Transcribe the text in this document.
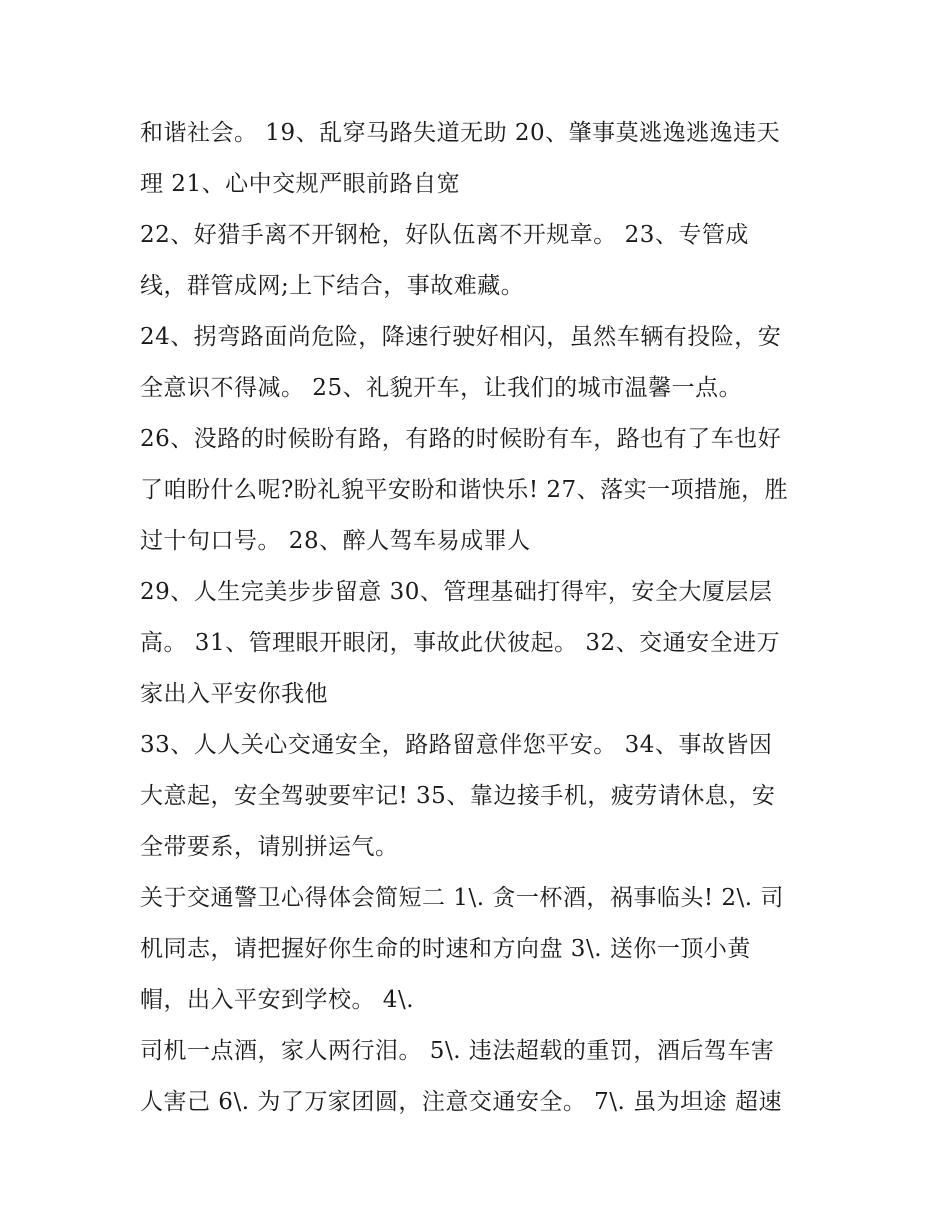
和谐社会。 19、乱穿马路失道无助 20、肇事莫逃逸逃逸违天
理 21、心中交规严眼前路自宽
22、好猎手离不开钢枪，好队伍离不开规章。 23、专管成
线，群管成网;上下结合，事故难藏。
24、拐弯路面尚危险，降速行驶好相闪，虽然车辆有投险，安
全意识不得减。 25、礼貌开车，让我们的城市温馨一点。
26、没路的时候盼有路，有路的时候盼有车，路也有了车也好
了咱盼什么呢?盼礼貌平安盼和谐快乐! 27、落实一项措施，胜
过十句口号。 28、醉人驾车易成罪人
29、人生完美步步留意 30、管理基础打得牢，安全大厦层层
高。 31、管理眼开眼闭，事故此伏彼起。 32、交通安全进万
家出入平安你我他
33、人人关心交通安全，路路留意伴您平安。 34、事故皆因
大意起，安全驾驶要牢记! 35、靠边接手机，疲劳请休息，安
全带要系，请别拼运气。
关于交通警卫心得体会简短二 1\. 贪一杯酒，祸事临头! 2\. 司
机同志，请把握好你生命的时速和方向盘 3\. 送你一顶小黄
帽，出入平安到学校。 4\.
司机一点酒，家人两行泪。 5\. 违法超载的重罚，酒后驾车害
人害己 6\. 为了万家团圆，注意交通安全。 7\. 虽为坦途 超速
